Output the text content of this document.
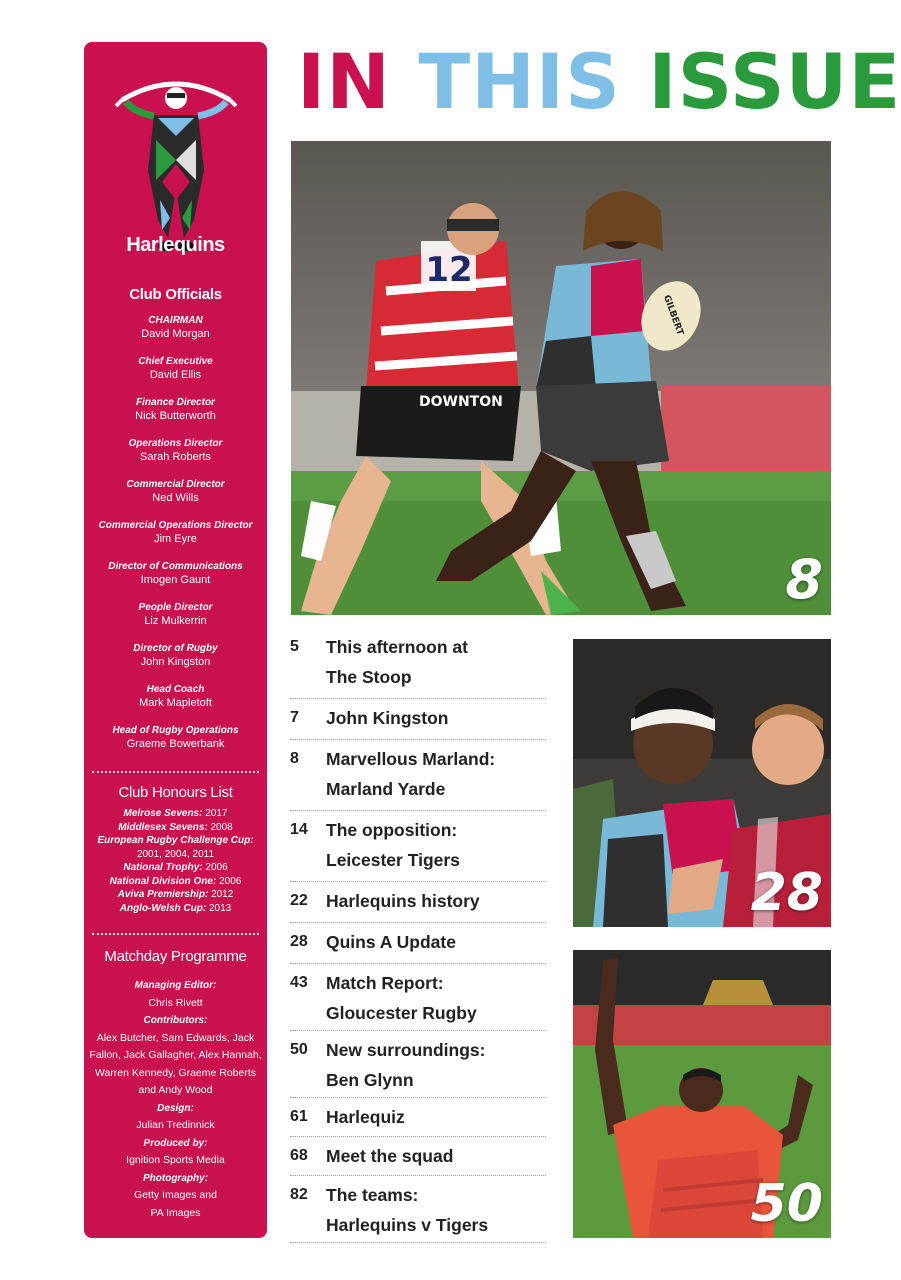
Harlequins
Club Officials
CHAIRMAN
David Morgan
Chief Executive
David Ellis
Finance Director
Nick Butterworth
Operations Director
Sarah Roberts
Commercial Director
Ned Wills
Commercial Operations Director
Jim Eyre
Director of Communications
Imogen Gaunt
People Director
Liz Mulkerrin
Director of Rugby
John Kingston
Head Coach
Mark Mapletoft
Head of Rugby Operations
Graeme Bowerbank
Club Honours List
Melrose Sevens: 2017
Middlesex Sevens: 2008
European Rugby Challenge Cup:
2001, 2004, 2011
National Trophy: 2006
National Division One: 2006
Aviva Premiership: 2012
Anglo-Welsh Cup: 2013
Matchday Programme
Managing Editor:
Chris Rivett
Contributors:
Alex Butcher, Sam Edwards, Jack
Fallon, Jack Gallagher, Alex Hannah,
Warren Kennedy, Graeme Roberts
and Andy Wood
Design:
Julian Tredinnick
Produced by:
Ignition Sports Media
Photography:
Getty Images and
PA Images
IN THIS ISSUE
12
DOWNTON
GILBERT
8
28
50
5 This afternoon at
The Stoop
7 John Kingston
8 Marvellous Marland:
Marland Yarde
14 The opposition:
Leicester Tigers
22 Harlequins history
28 Quins A Update
43 Match Report:
Gloucester Rugby
50 New surroundings:
Ben Glynn
61 Harlequiz
68 Meet the squad
82 The teams:
Harlequins v Tigers
